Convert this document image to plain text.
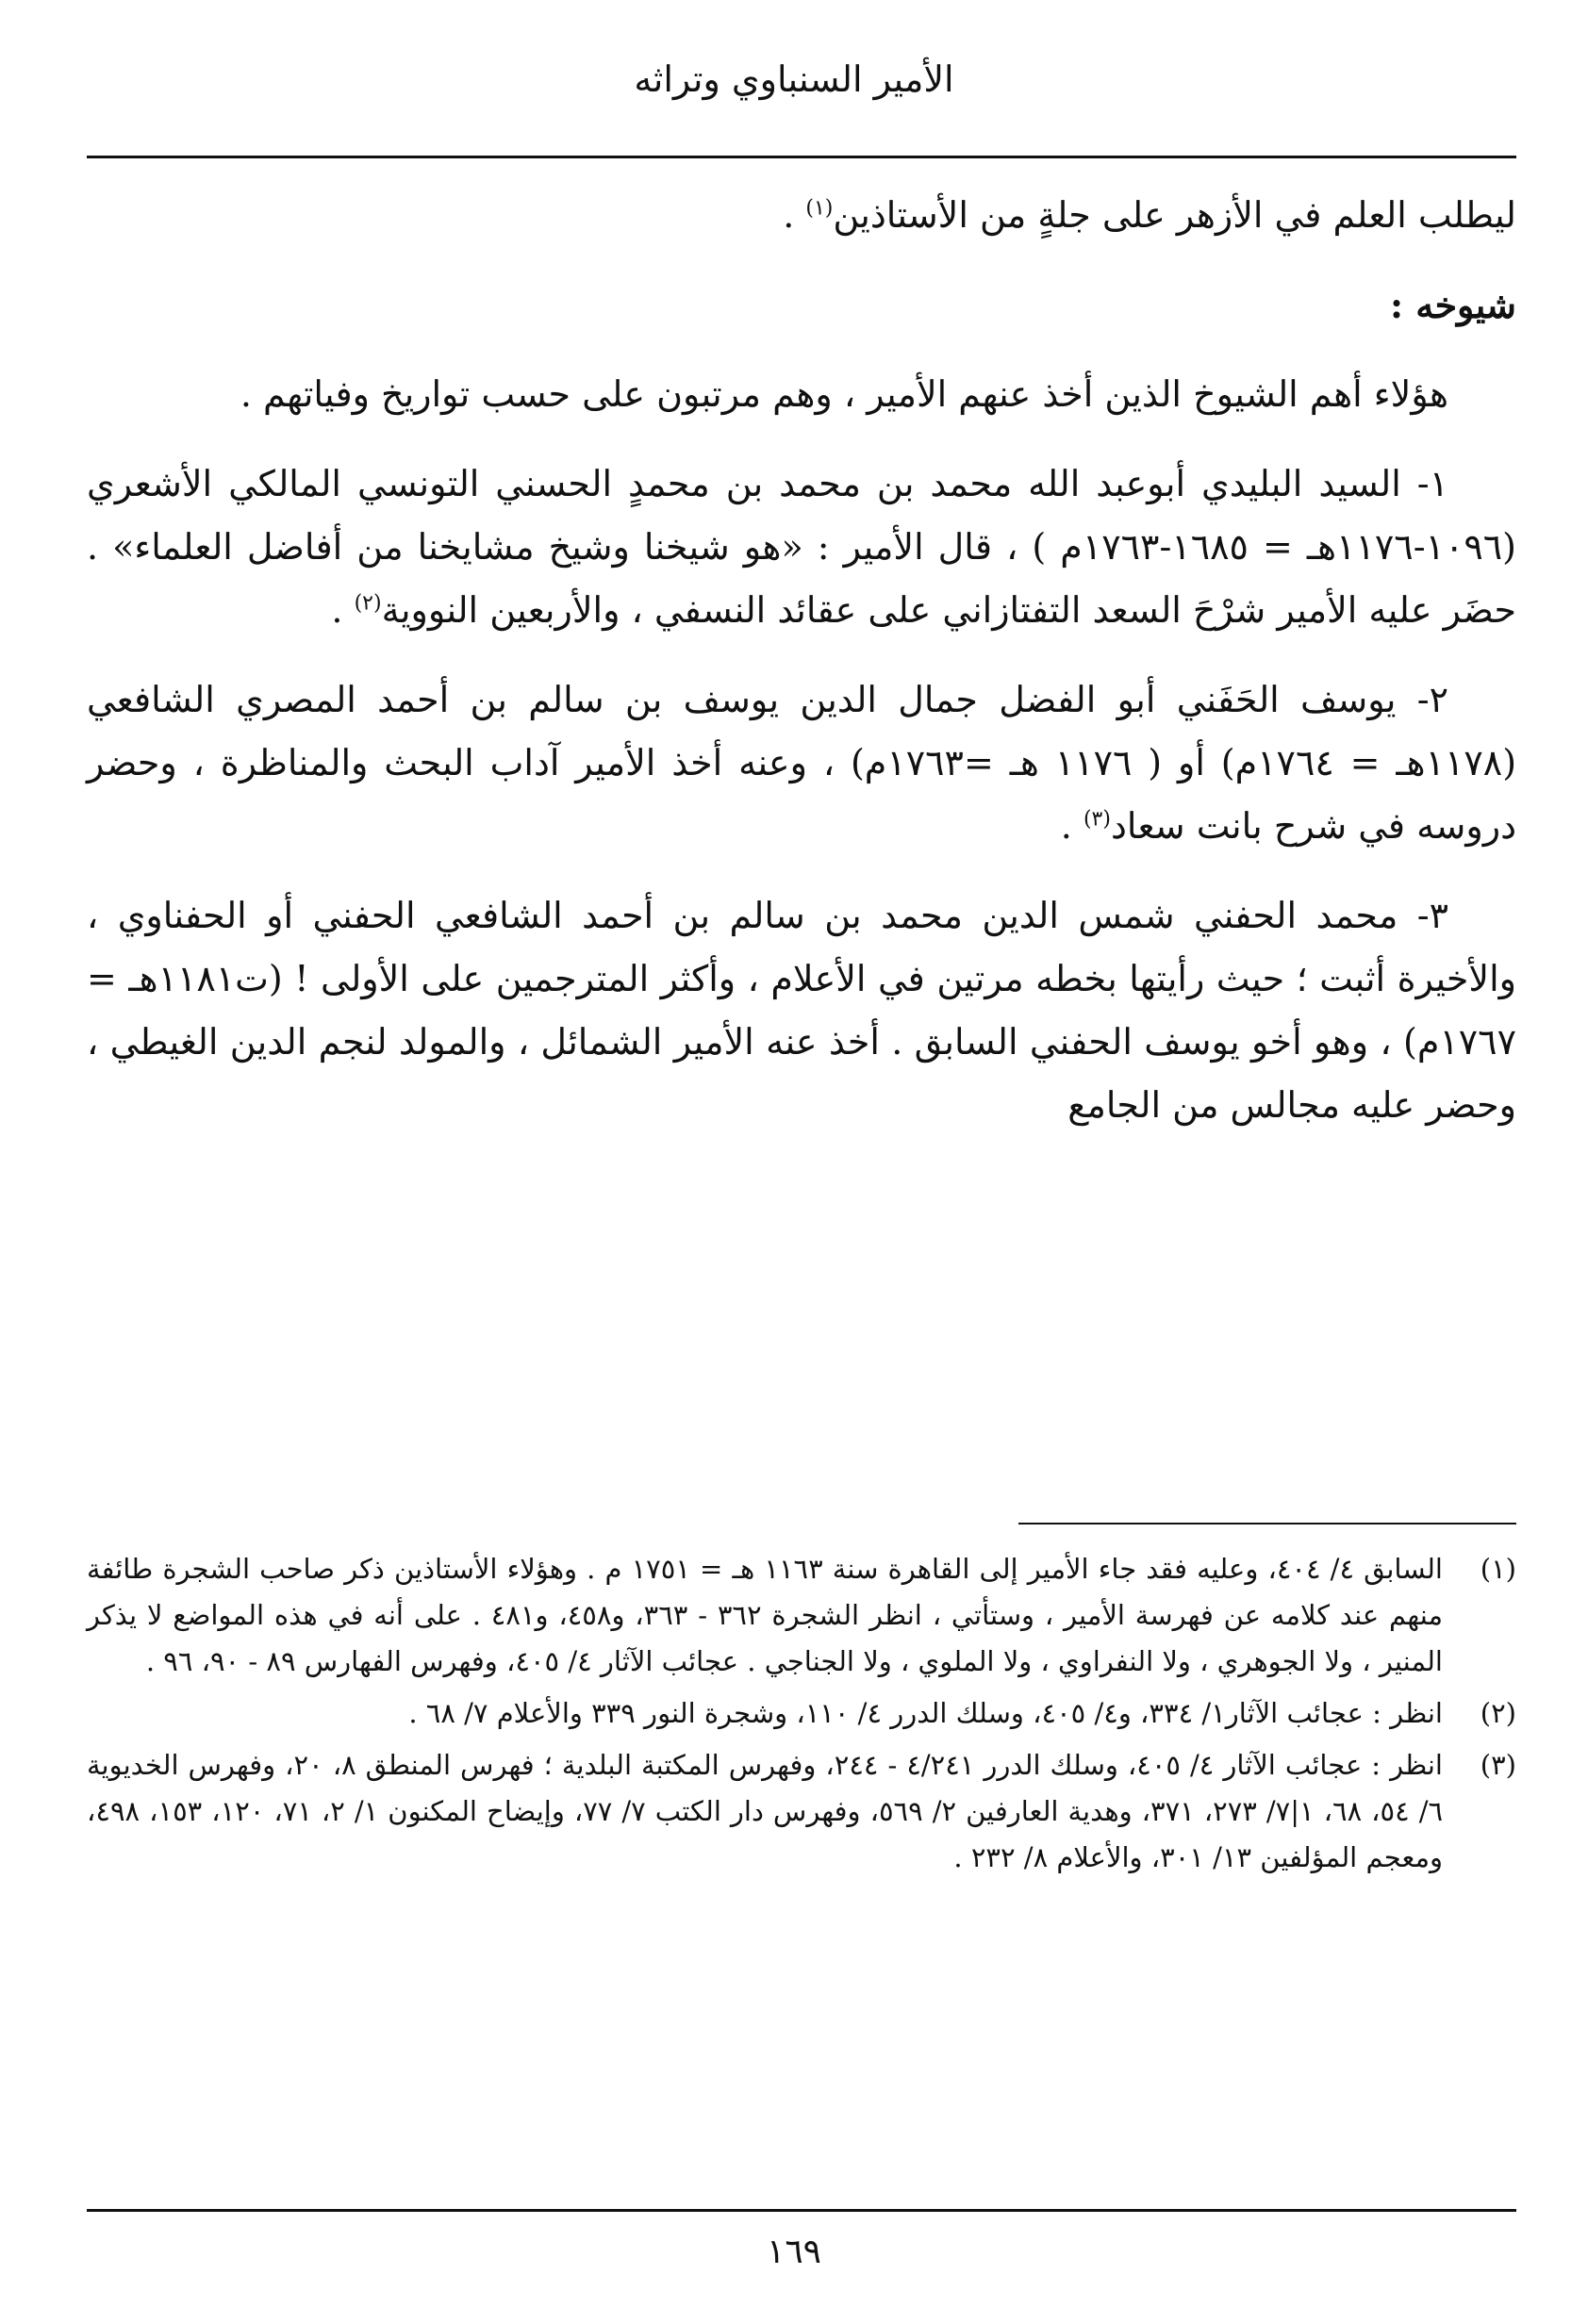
الأمير السنباوي وتراثه

ليطلب العلم في الأزهر على جلةٍ من الأستاذين$^{(١)}$ .

شيوخه :

هؤلاء أهم الشيوخ الذين أخذ عنهم الأمير ، وهم مرتبون على حسب تواريخ وفياتهم .

١- السيد البليدي أبوعبد الله محمد بن محمد بن محمدٍ الحسني التونسي المالكي الأشعري (١٠٩٦-١١٧٦هـ = ١٦٨٥-١٧٦٣م ) ، قال الأمير : «هو شيخنا وشيخ مشايخنا من أفاضل العلماء» . حضَر عليه الأمير شرْحَ السعد التفتازاني على عقائد النسفي ، والأربعين النووية$^{(٢)}$ .

٢- يوسف الحَفَني أبو الفضل جمال الدين يوسف بن سالم بن أحمد المصري الشافعي (١١٧٨هـ = ١٧٦٤م) أو ( ١١٧٦ هـ =١٧٦٣م) ، وعنه أخذ الأمير آداب البحث والمناظرة ، وحضر دروسه في شرح بانت سعاد$^{(٣)}$ .

٣- محمد الحفني شمس الدين محمد بن سالم بن أحمد الشافعي الحفني أو الحفناوي ، والأخيرة أثبت ؛ حيث رأيتها بخطه مرتين في الأعلام ، وأكثر المترجمين على الأولى ! (ت١١٨١هـ = ١٧٦٧م) ، وهو أخو يوسف الحفني السابق . أخذ عنه الأمير الشمائل ، والمولد لنجم الدين الغيطي ، وحضر عليه مجالس من الجامع

(١)
السابق ٤/ ٤٠٤، وعليه فقد جاء الأمير إلى القاهرة سنة ١١٦٣ هـ = ١٧٥١ م . وهؤلاء الأستاذين ذكر صاحب الشجرة طائفة منهم عند كلامه عن فهرسة الأمير ، وستأتي ، انظر الشجرة ٣٦٢ - ٣٦٣، و٤٥٨، و٤٨١ . على أنه في هذه المواضع لا يذكر المنير ، ولا الجوهري ، ولا النفراوي ، ولا الملوي ، ولا الجناجي . عجائب الآثار ٤/ ٤٠٥، وفهرس الفهارس ٨٩ - ٩٠، ٩٦ .
(٢)
انظر : عجائب الآثار١/ ٣٣٤، و٤/ ٤٠٥، وسلك الدرر ٤/ ١١٠، وشجرة النور ٣٣٩ والأعلام ٧/ ٦٨ .
(٣)
انظر : عجائب الآثار ٤/ ٤٠٥، وسلك الدرر ٤/٢٤١ - ٢٤٤، وفهرس المكتبة البلدية ؛ فهرس المنطق ٨، ٢٠، وفهرس الخديوية ٦/ ٥٤، ٦٨، ١|٧/ ٢٧٣، ٣٧١، وهدية العارفين ٢/ ٥٦٩، وفهرس دار الكتب ٧/ ٧٧، وإيضاح المكنون ١/ ٢، ٧١، ١٢٠، ١٥٣، ٤٩٨، ومعجم المؤلفين ١٣/ ٣٠١، والأعلام ٨/ ٢٣٢ .
١٦٩
